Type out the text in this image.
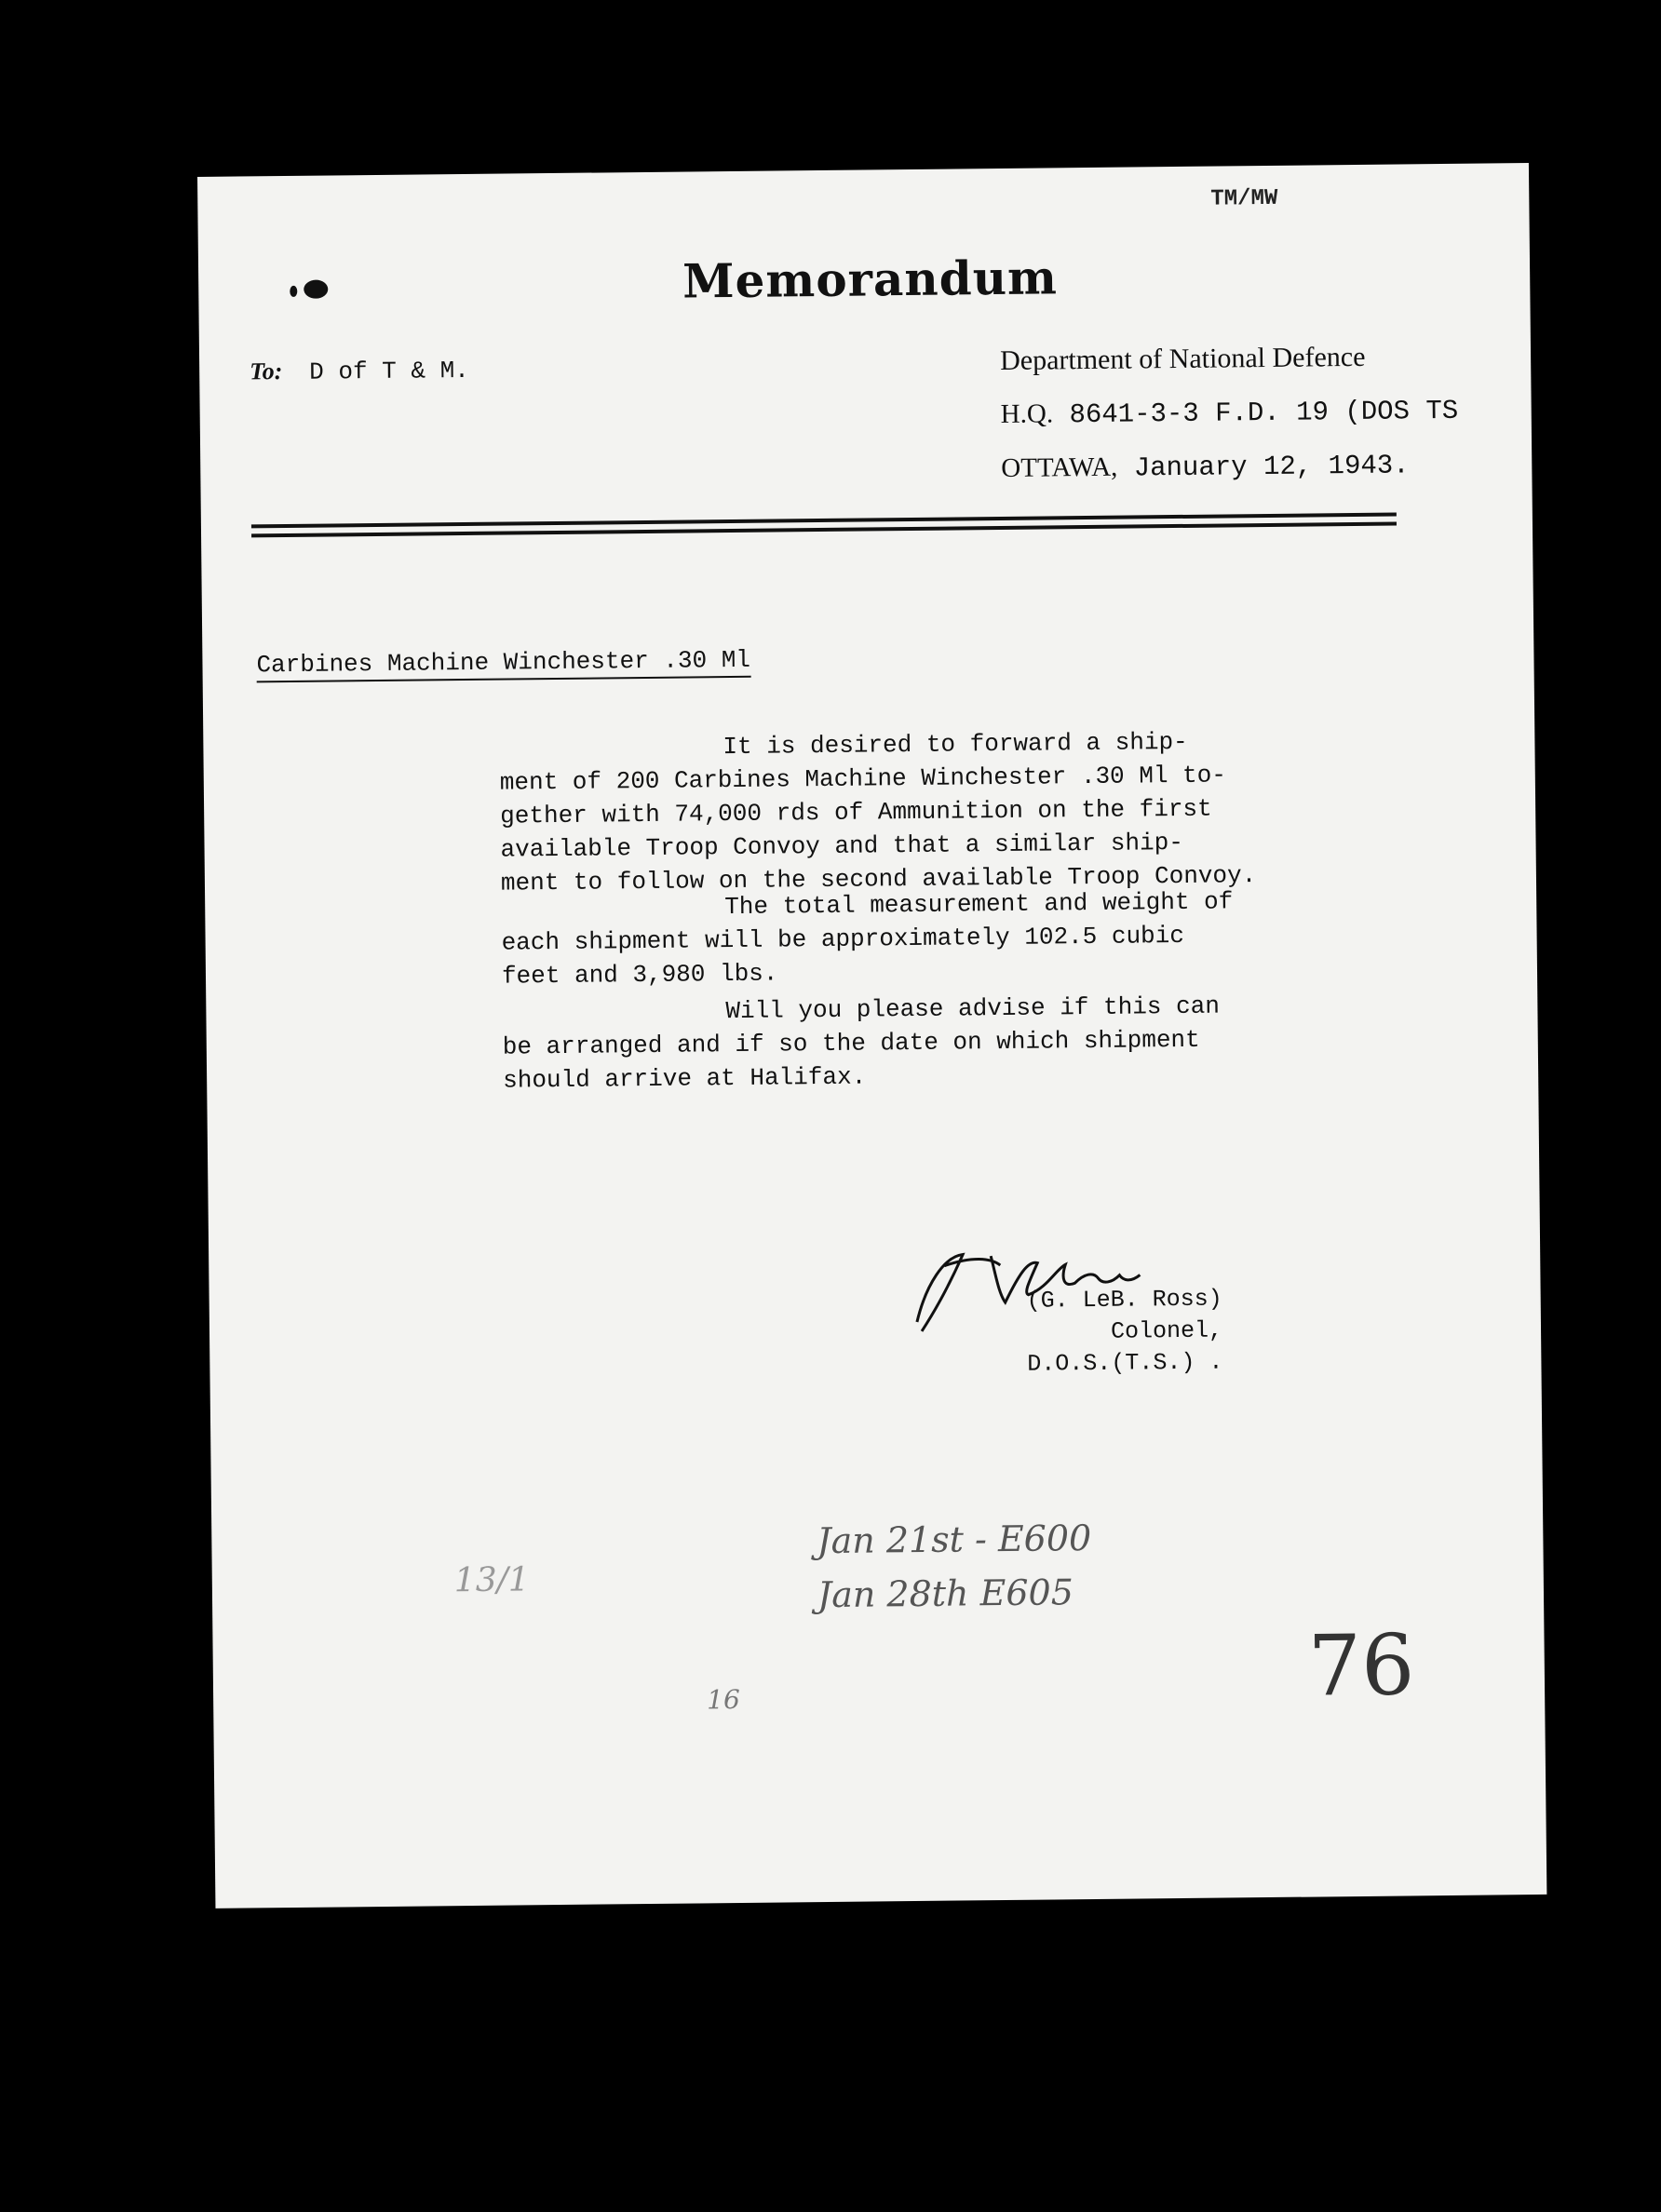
TM/MW
Memorandum
To: D of T & M.	Department of National Defence
H.Q. 8641-3-3 F.D. 19 (DOS TS
OTTAWA, January 12, 1943.
Carbines Machine Winchester .30 Ml
It is desired to forward a ship-
ment of 200 Carbines Machine Winchester .30 Ml to-
gether with 74,000 rds of Ammunition on the first
available Troop Convoy and that a similar ship-
ment to follow on the second available Troop Convoy.
The total measurement and weight of
each shipment will be approximately 102.5 cubic
feet and 3,980 lbs.
Will you please advise if this can
be arranged and if so the date on which shipment
should arrive at Halifax.
(G. LeB. Ross)
Colonel,
D.O.S.(T.S.) .
Jan 21st - E600
Jan 28th E605
13/1
76
16
